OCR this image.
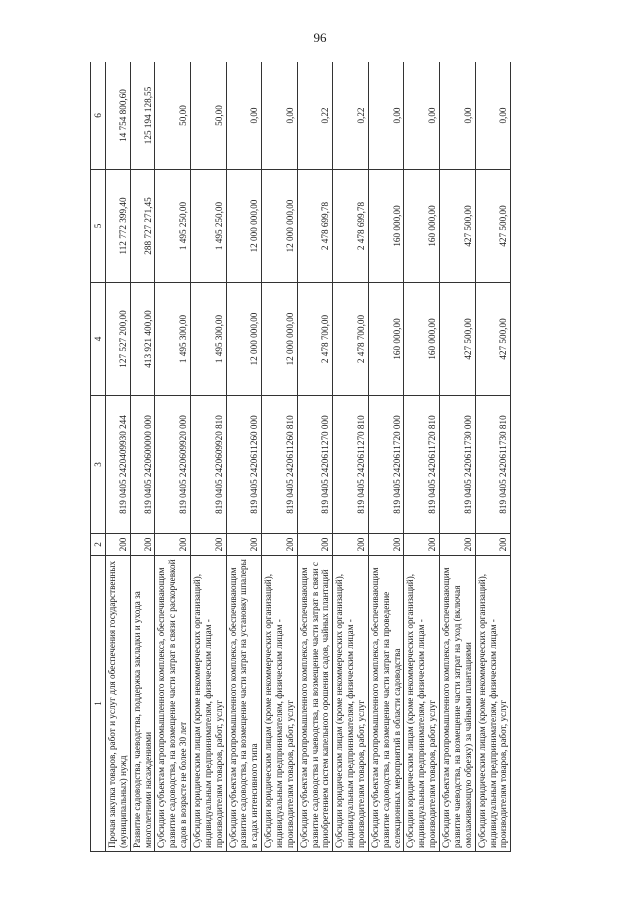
96
1	2	3	4	5	6
Прочая закупка товаров, работ и услуг для обеспечения государственных (муниципальных) нужд	200	819 0405 2420409930 244	127 527 200,00	112 772 399,40	14 754 800,60
Развитие садоводства, чаеводства, поддержка закладки и ухода за многолетними насаждениями	200	819 0405 2420600000 000	413 921 400,00	288 727 271,45	125 194 128,55
Субсидии субъектам агропромышленного комплекса, обеспечивающим развитие садоводства, на возмещение части затрат в связи с раскорчевкой садов в возрасте не более 30 лет	200	819 0405 2420609920 000	1 495 300,00	1 495 250,00	50,00
Субсидии юридическим лицам (кроме некоммерческих организаций), индивидуальным предпринимателям, физическим лицам - производителям товаров, работ, услуг	200	819 0405 2420609920 810	1 495 300,00	1 495 250,00	50,00
Субсидии субъектам агропромышленного комплекса, обеспечивающим развитие садоводства, на возмещение части затрат на установку шпалеры в садах интенсивного типа	200	819 0405 2420611260 000	12 000 000,00	12 000 000,00	0,00
Субсидии юридическим лицам (кроме некоммерческих организаций), индивидуальным предпринимателям, физическим лицам - производителям товаров, работ, услуг	200	819 0405 2420611260 810	12 000 000,00	12 000 000,00	0,00
Субсидии субъектам агропромышленного комплекса, обеспечивающим развитие садоводства и чаеводства, на возмещение части затрат в связи с приобретением систем капельного орошения садов, чайных плантаций	200	819 0405 2420611270 000	2 478 700,00	2 478 699,78	0,22
Субсидии юридическим лицам (кроме некоммерческих организаций), индивидуальным предпринимателям, физическим лицам - производителям товаров, работ, услуг	200	819 0405 2420611270 810	2 478 700,00	2 478 699,78	0,22
Субсидии субъектам агропромышленного комплекса, обеспечивающим развитие садоводства, на возмещение части затрат на проведение селекционных мероприятий в области садоводства	200	819 0405 2420611720 000	160 000,00	160 000,00	0,00
Субсидии юридическим лицам (кроме некоммерческих организаций), индивидуальным предпринимателям, физическим лицам - производителям товаров, работ, услуг	200	819 0405 2420611720 810	160 000,00	160 000,00	0,00
Субсидии субъектам агропромышленного комплекса, обеспечивающим развитие чаеводства, на возмещение части затрат на уход (включая омолаживающую обрезку) за чайными плантациями	200	819 0405 2420611730 000	427 500,00	427 500,00	0,00
Субсидии юридическим лицам (кроме некоммерческих организаций), индивидуальным предпринимателям, физическим лицам - производителям товаров, работ, услуг	200	819 0405 2420611730 810	427 500,00	427 500,00	0,00
